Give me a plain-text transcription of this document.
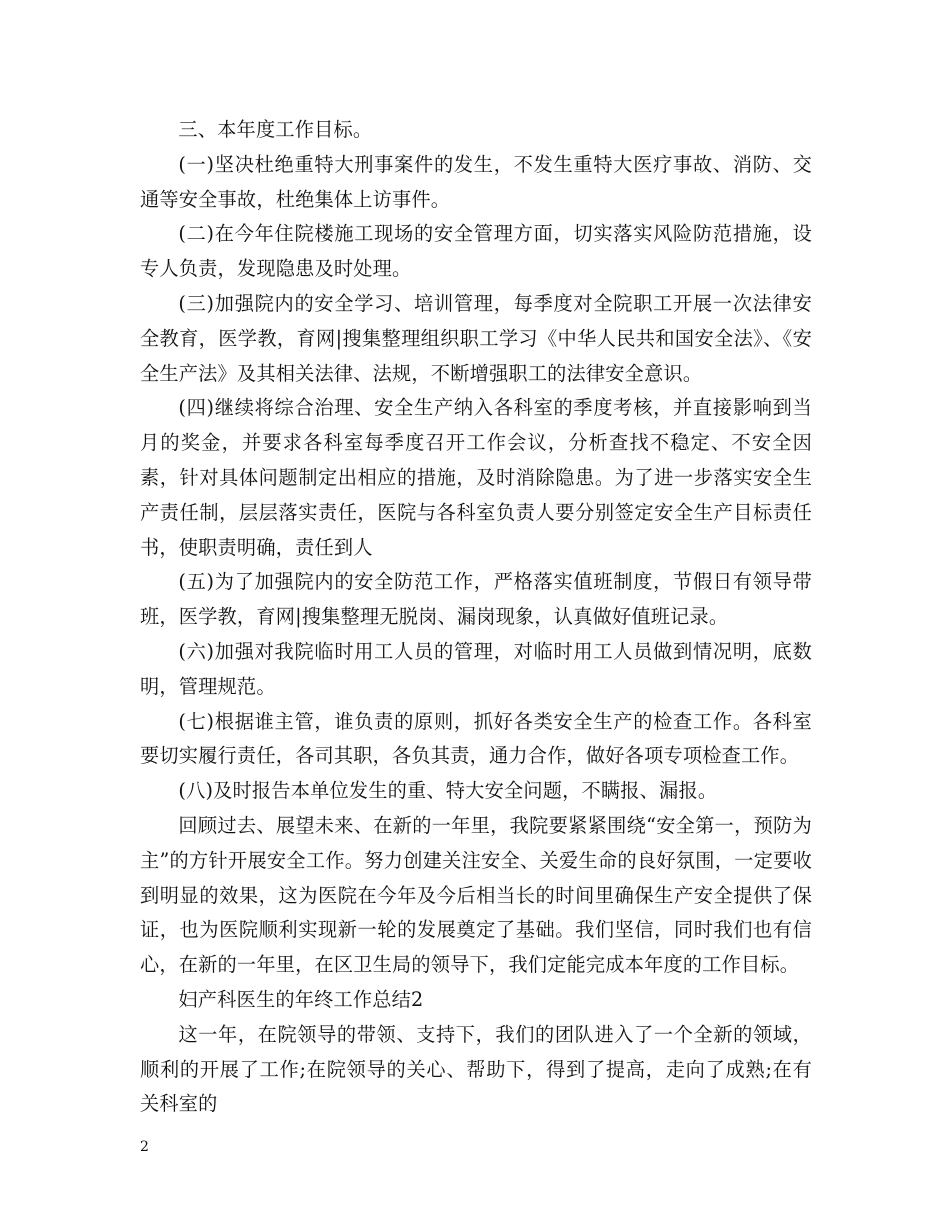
三、本年度工作目标。

(一)坚决杜绝重特大刑事案件的发生，不发生重特大医疗事故、消防、交通等安全事故，杜绝集体上访事件。

(二)在今年住院楼施工现场的安全管理方面，切实落实风险防范措施，设专人负责，发现隐患及时处理。

(三)加强院内的安全学习、培训管理，每季度对全院职工开展一次法律安全教育，医学教，育网|搜集整理组织职工学习《中华人民共和国安全法》、《安全生产法》及其相关法律、法规，不断增强职工的法律安全意识。

(四)继续将综合治理、安全生产纳入各科室的季度考核，并直接影响到当月的奖金，并要求各科室每季度召开工作会议，分析查找不稳定、不安全因素，针对具体问题制定出相应的措施，及时消除隐患。为了进一步落实安全生产责任制，层层落实责任，医院与各科室负责人要分别签定安全生产目标责任书，使职责明确，责任到人

(五)为了加强院内的安全防范工作，严格落实值班制度，节假日有领导带班，医学教，育网|搜集整理无脱岗、漏岗现象，认真做好值班记录。

(六)加强对我院临时用工人员的管理，对临时用工人员做到情况明，底数明，管理规范。

(七)根据谁主管，谁负责的原则，抓好各类安全生产的检查工作。各科室要切实履行责任，各司其职，各负其责，通力合作，做好各项专项检查工作。

(八)及时报告本单位发生的重、特大安全问题，不瞒报、漏报。

回顾过去、展望未来、在新的一年里，我院要紧紧围绕“安全第一，预防为主”的方针开展安全工作。努力创建关注安全、关爱生命的良好氛围，一定要收到明显的效果，这为医院在今年及今后相当长的时间里确保生产安全提供了保证，也为医院顺利实现新一轮的发展奠定了基础。我们坚信，同时我们也有信心，在新的一年里，在区卫生局的领导下，我们定能完成本年度的工作目标。

妇产科医生的年终工作总结2

这一年，在院领导的带领、支持下，我们的团队进入了一个全新的领域，顺利的开展了工作;在院领导的关心、帮助下，得到了提高，走向了成熟;在有关科室的

2
